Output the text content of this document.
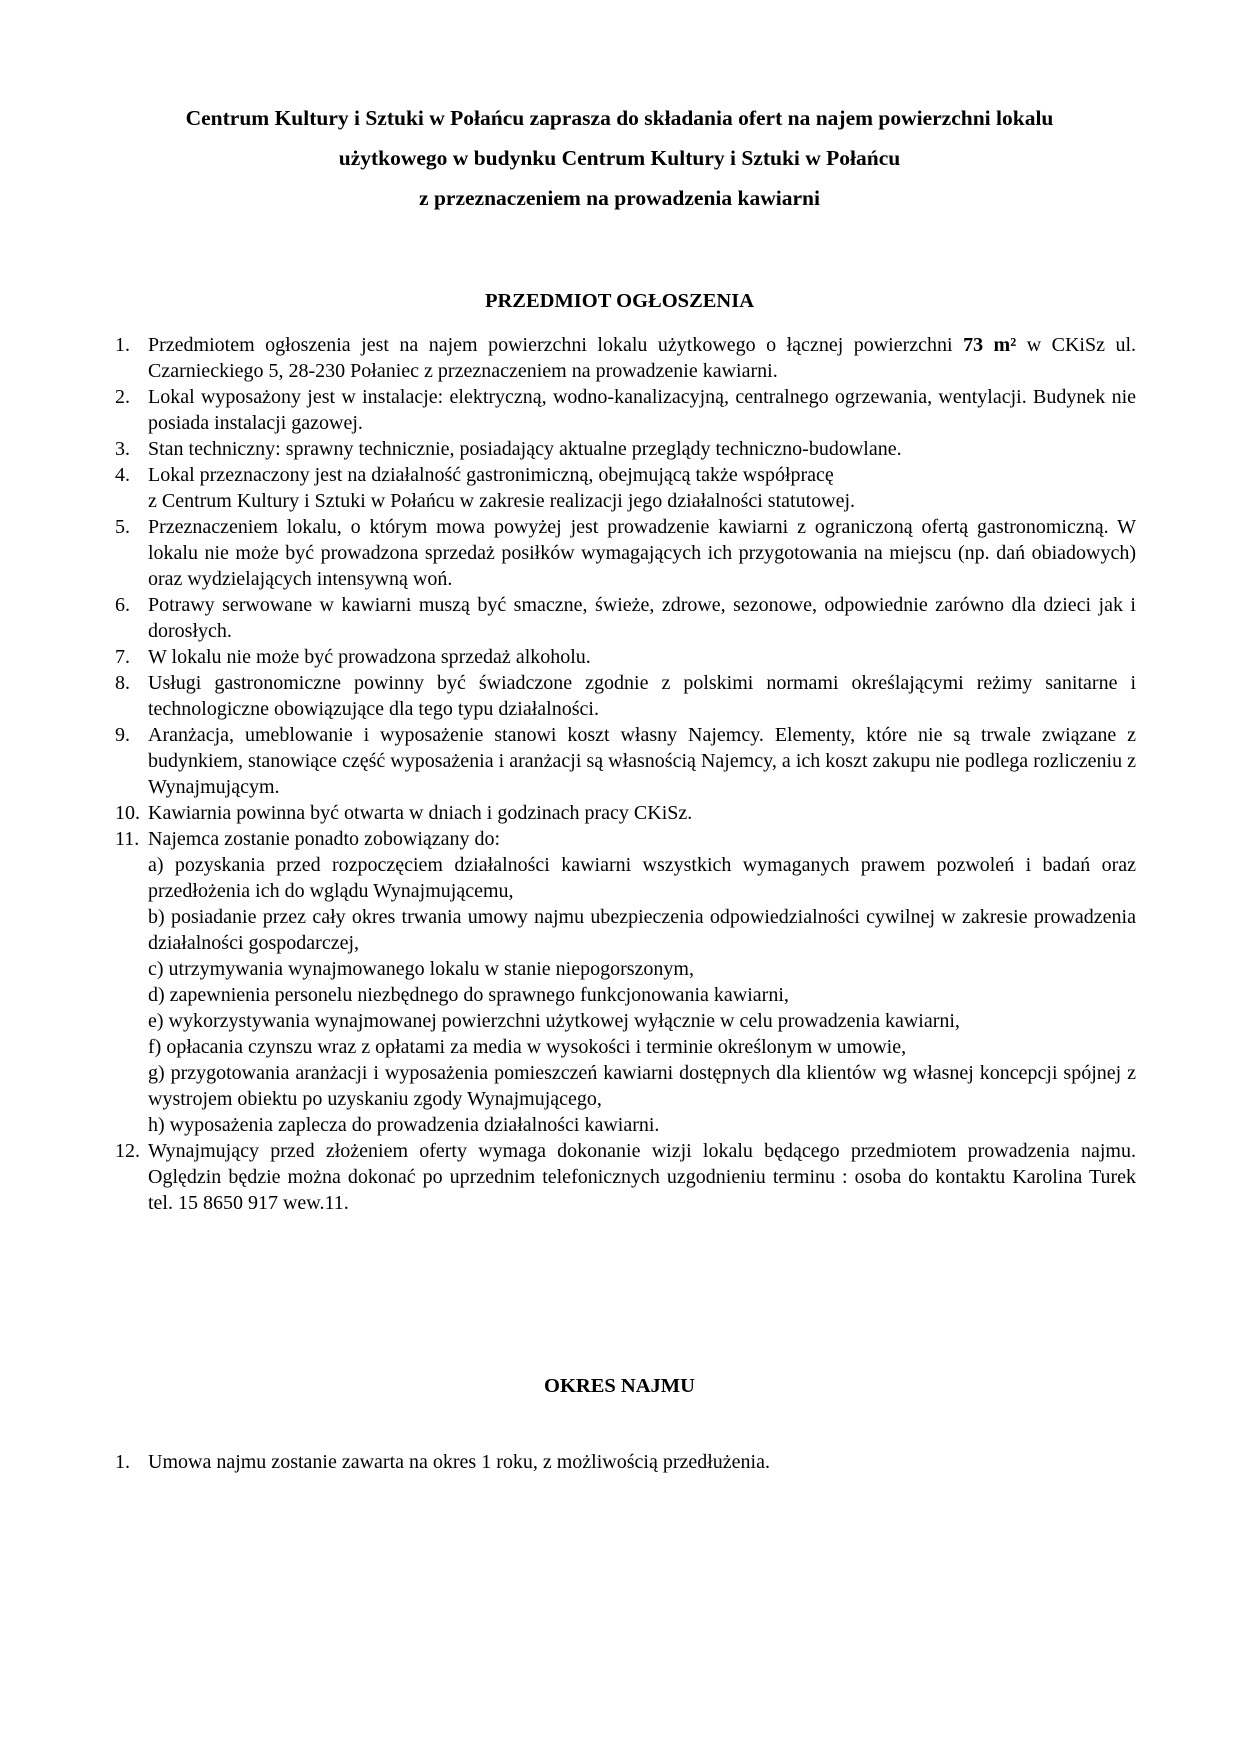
Centrum Kultury i Sztuki w Połańcu zaprasza do składania ofert na najem powierzchni lokalu
użytkowego w budynku Centrum Kultury i Sztuki w Połańcu
z przeznaczeniem na prowadzenia kawiarni
PRZEDMIOT OGŁOSZENIA
1. Przedmiotem ogłoszenia jest na najem powierzchni lokalu użytkowego o łącznej powierzchni 73 m² w CKiSz ul. Czarnieckiego 5, 28-230 Połaniec z przeznaczeniem na prowadzenie kawiarni.
2. Lokal wyposażony jest w instalacje: elektryczną, wodno-kanalizacyjną, centralnego ogrzewania, wentylacji. Budynek nie posiada instalacji gazowej.
3. Stan techniczny: sprawny technicznie, posiadający aktualne przeglądy techniczno-budowlane.
4. Lokal przeznaczony jest na działalność gastronimiczną, obejmującą także współpracę
z Centrum Kultury i Sztuki w Połańcu w zakresie realizacji jego działalności statutowej.
5. Przeznaczeniem lokalu, o którym mowa powyżej jest prowadzenie kawiarni z ograniczoną ofertą gastronomiczną. W lokalu nie może być prowadzona sprzedaż posiłków wymagających ich przygotowania na miejscu (np. dań obiadowych) oraz wydzielających intensywną woń.
6. Potrawy serwowane w kawiarni muszą być smaczne, świeże, zdrowe, sezonowe, odpowiednie zarówno dla dzieci jak i dorosłych.
7. W lokalu nie może być prowadzona sprzedaż alkoholu.
8. Usługi gastronomiczne powinny być świadczone zgodnie z polskimi normami określającymi reżimy sanitarne i technologiczne obowiązujące dla tego typu działalności.
9. Aranżacja, umeblowanie i wyposażenie stanowi koszt własny Najemcy. Elementy, które nie są trwale związane z budynkiem, stanowiące część wyposażenia i aranżacji są własnością Najemcy, a ich koszt zakupu nie podlega rozliczeniu z Wynajmującym.
10. Kawiarnia powinna być otwarta w dniach i godzinach pracy CKiSz.
11. Najemca zostanie ponadto zobowiązany do:
a) pozyskania przed rozpoczęciem działalności kawiarni wszystkich wymaganych prawem pozwoleń i badań oraz przedłożenia ich do wglądu Wynajmującemu,
b) posiadanie przez cały okres trwania umowy najmu ubezpieczenia odpowiedzialności cywilnej w zakresie prowadzenia działalności gospodarczej,
c) utrzymywania wynajmowanego lokalu w stanie niepogorszonym,
d) zapewnienia personelu niezbędnego do sprawnego funkcjonowania kawiarni,
e) wykorzystywania wynajmowanej powierzchni użytkowej wyłącznie w celu prowadzenia kawiarni,
f) opłacania czynszu wraz z opłatami za media w wysokości i terminie określonym w umowie,
g) przygotowania aranżacji i wyposażenia pomieszczeń kawiarni dostępnych dla klientów wg własnej koncepcji spójnej z wystrojem obiektu po uzyskaniu zgody Wynajmującego,
h) wyposażenia zaplecza do prowadzenia działalności kawiarni.
12. Wynajmujący przed złożeniem oferty wymaga dokonanie wizji lokalu będącego przedmiotem prowadzenia najmu. Oględzin będzie można dokonać po uprzednim telefonicznych uzgodnieniu terminu : osoba do kontaktu Karolina Turek tel. 15 8650 917 wew.11.
OKRES NAJMU
1. Umowa najmu zostanie zawarta na okres 1 roku, z możliwością przedłużenia.
